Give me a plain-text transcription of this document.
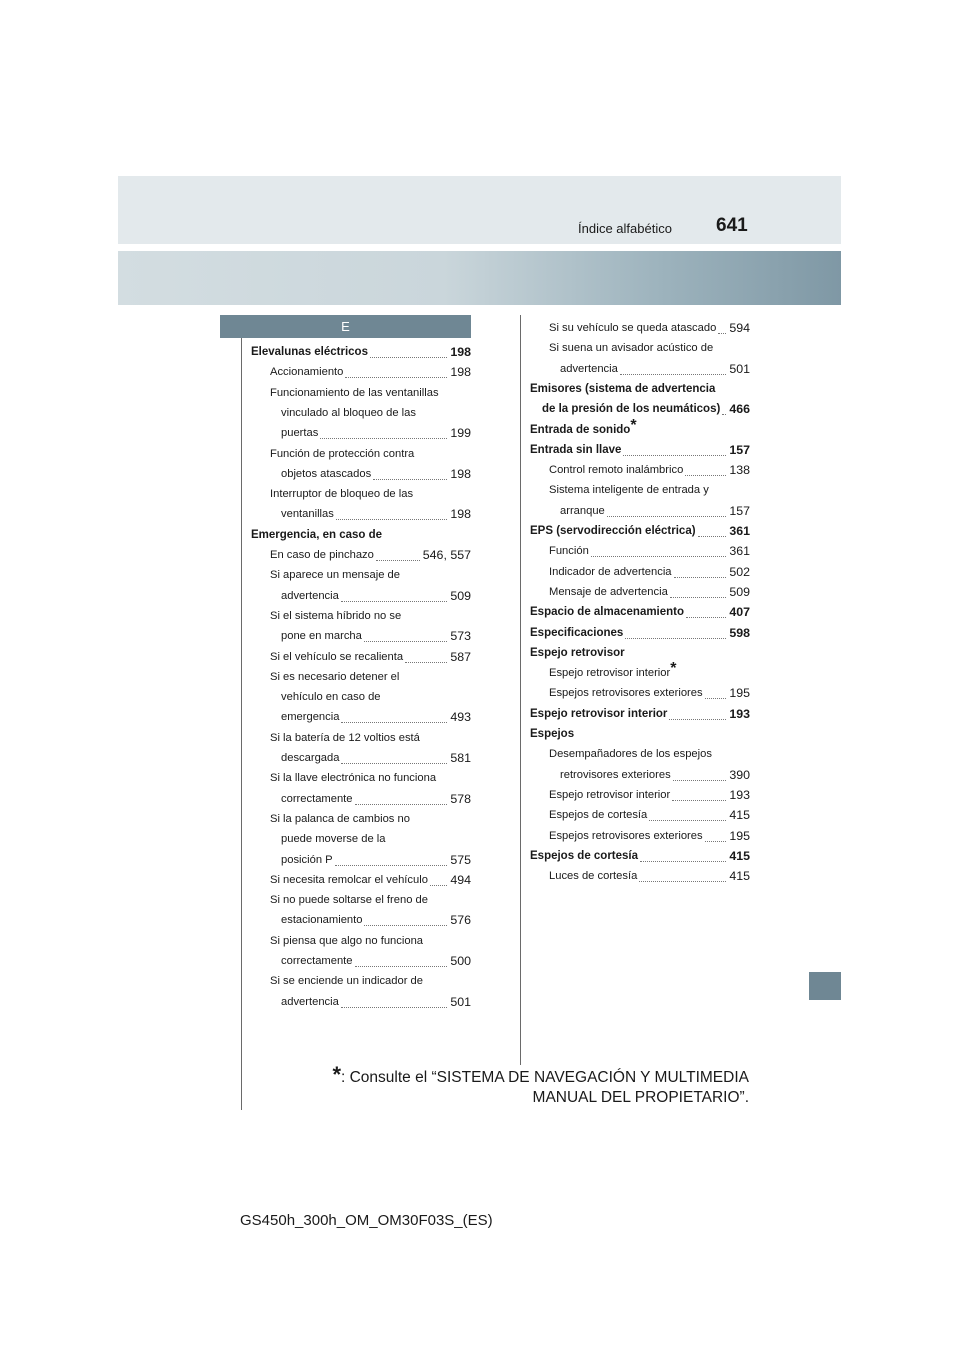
Índice alfabético 641
E
Elevalunas eléctricos	198
Accionamiento	198
Funcionamiento de las ventanillas
vinculado al bloqueo de las
puertas	199
Función de protección contra
objetos atascados	198
Interruptor de bloqueo de las
ventanillas	198
Emergencia, en caso de
En caso de pinchazo	546, 557
Si aparece un mensaje de
advertencia	509
Si el sistema híbrido no se
pone en marcha	573
Si el vehículo se recalienta	587
Si es necesario detener el
vehículo en caso de
emergencia	493
Si la batería de 12 voltios está
descargada	581
Si la llave electrónica no funciona
correctamente	578
Si la palanca de cambios no
puede moverse de la
posición P	575
Si necesita remolcar el vehículo 494
Si no puede soltarse el freno de
estacionamiento	576
Si piensa que algo no funciona
correctamente	500
Si se enciende un indicador de
advertencia	501
Si su vehículo se queda atascado 594
Si suena un avisador acústico de
advertencia	501
Emisores (sistema de advertencia
de la presión de los neumáticos) 466
Entrada de sonido*
Entrada sin llave	157
Control remoto inalámbrico	138
Sistema inteligente de entrada y
arranque	157
EPS (servodirección eléctrica)	361
Función	361
Indicador de advertencia	502
Mensaje de advertencia	509
Espacio de almacenamiento	407
Especificaciones	598
Espejo retrovisor
Espejo retrovisor interior*
Espejos retrovisores exteriores 195
Espejo retrovisor interior	193
Espejos
Desempañadores de los espejos
retrovisores exteriores	390
Espejo retrovisor interior	193
Espejos de cortesía	415
Espejos retrovisores exteriores 195
Espejos de cortesía	415
Luces de cortesía	415
*: Consulte el “SISTEMA DE NAVEGACIÓN Y MULTIMEDIA
MANUAL DEL PROPIETARIO”.
GS450h_300h_OM_OM30F03S_(ES)
